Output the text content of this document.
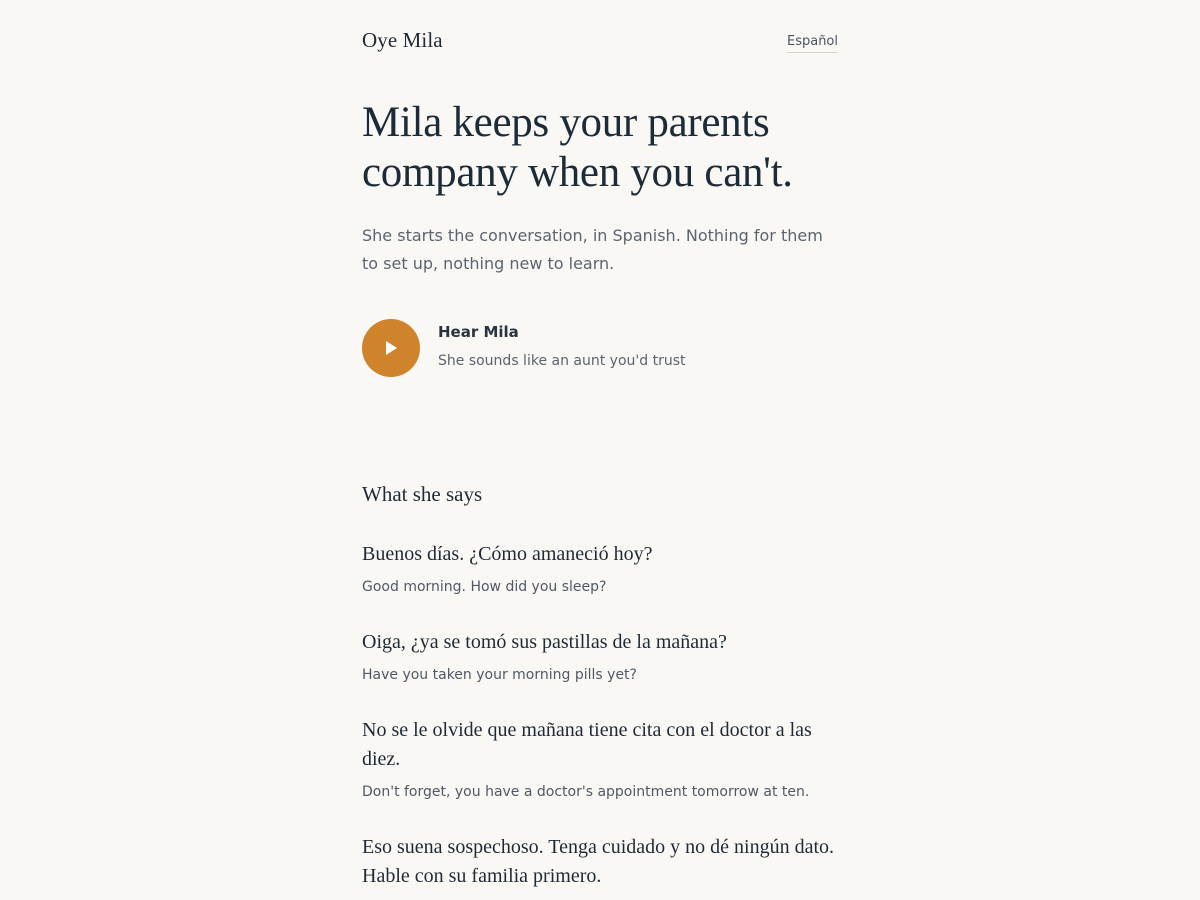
Oye Mila	Español
Mila keeps your parents company when you can't.

She starts the conversation, in Spanish. Nothing for them to set up, nothing new to learn.

Hear Mila
She sounds like an aunt you'd trust
What she says

Buenos días. ¿Cómo amaneció hoy?

Good morning. How did you sleep?

Oiga, ¿ya se tomó sus pastillas de la mañana?

Have you taken your morning pills yet?

No se le olvide que mañana tiene cita con el doctor a las diez.

Don't forget, you have a doctor's appointment tomorrow at ten.

Eso suena sospechoso. Tenga cuidado y no dé ningún dato. Hable con su familia primero.
